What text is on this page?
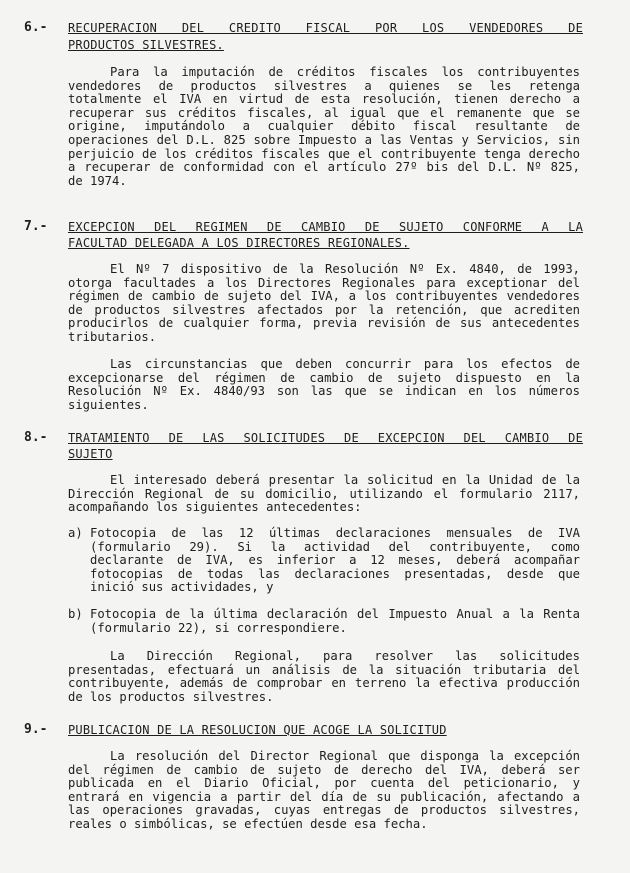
6.- RECUPERACION DEL CREDITO FISCAL POR LOS VENDEDORES DE
PRODUCTOS SILVESTRES.

Para la imputación de créditos fiscales los contribuyentes vendedores de productos silvestres a quienes se les retenga totalmente el IVA en virtud de esta resolución, tienen derecho a recuperar sus créditos fiscales, al igual que el remanente que se origine, imputándolo a cualquier débito fiscal resultante de operaciones del D.L. 825 sobre Impuesto a las Ventas y Servicios, sin perjuicio de los créditos fiscales que el contribuyente tenga derecho a recuperar de conformidad con el artículo 27º bis del D.L. Nº 825, de 1974.

7.- EXCEPCION DEL REGIMEN DE CAMBIO DE SUJETO CONFORME A LA
FACULTAD DELEGADA A LOS DIRECTORES REGIONALES.

El Nº 7 dispositivo de la Resolución Nº Ex. 4840, de 1993, otorga facultades a los Directores Regionales para exceptionar del régimen de cambio de sujeto del IVA, a los contribuyentes vendedores de productos silvestres afectados por la retención, que acrediten producirlos de cualquier forma, previa revisión de sus antecedentes tributarios.

Las circunstancias que deben concurrir para los efectos de excepcionarse del régimen de cambio de sujeto dispuesto en la Resolución Nº Ex. 4840/93 son las que se indican en los números siguientes.

8.- TRATAMIENTO DE LAS SOLICITUDES DE EXCEPCION DEL CAMBIO DE
SUJETO

El interesado deberá presentar la solicitud en la Unidad de la Dirección Regional de su domicilio, utilizando el formulario 2117, acompañando los siguientes antecedentes:

a) Fotocopia de las 12 últimas declaraciones mensuales de IVA (formulario 29). Si la actividad del contribuyente, como declarante de IVA, es inferior a 12 meses, deberá acompañar fotocopias de todas las declaraciones presentadas, desde que inició sus actividades, y

b) Fotocopia de la última declaración del Impuesto Anual a la Renta (formulario 22), si correspondiere.

La Dirección Regional, para resolver las solicitudes presentadas, efectuará un análisis de la situación tributaria del contribuyente, además de comprobar en terreno la efectiva producción de los productos silvestres.

9.- PUBLICACION DE LA RESOLUCION QUE ACOGE LA SOLICITUD

La resolución del Director Regional que disponga la excepción del régimen de cambio de sujeto de derecho del IVA, deberá ser publicada en el Diario Oficial, por cuenta del peticionario, y entrará en vigencia a partir del día de su publicación, afectando a las operaciones gravadas, cuyas entregas de productos silvestres, reales o simbólicas, se efectúen desde esa fecha.
